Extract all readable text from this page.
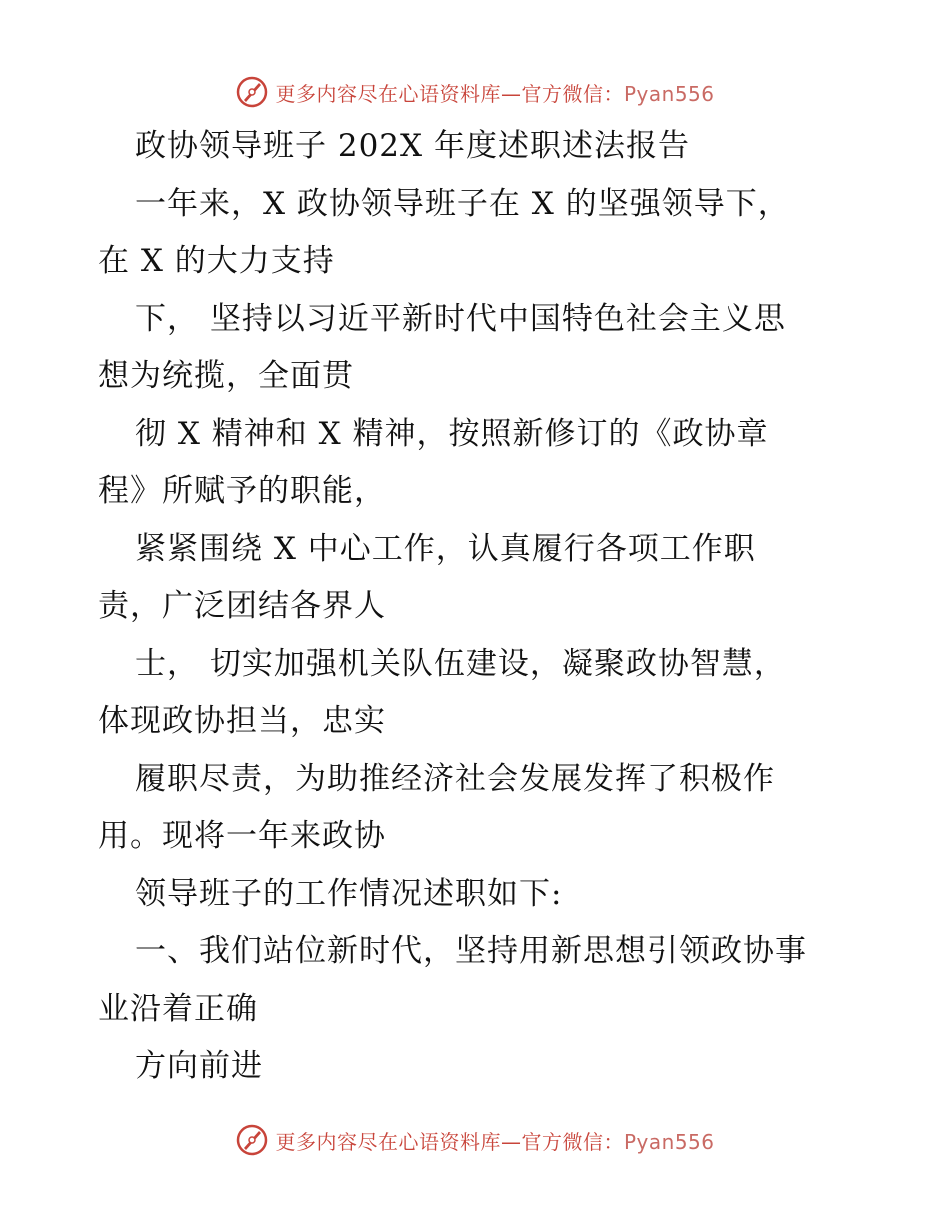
更多内容尽在心语资料库—官方微信：Pyan556
政协领导班子 202X 年度述职述法报告
一年来，X 政协领导班子在 X 的坚强领导下，
在 X 的大力支持
下， 坚持以习近平新时代中国特色社会主义思
想为统揽，全面贯
彻 X 精神和 X 精神，按照新修订的《政协章
程》所赋予的职能，
紧紧围绕 X 中心工作，认真履行各项工作职
责，广泛团结各界人
士， 切实加强机关队伍建设，凝聚政协智慧，
体现政协担当，忠实
履职尽责，为助推经济社会发展发挥了积极作
用。现将一年来政协
领导班子的工作情况述职如下:
一、我们站位新时代，坚持用新思想引领政协事
业沿着正确
方向前进
更多内容尽在心语资料库—官方微信：Pyan556
